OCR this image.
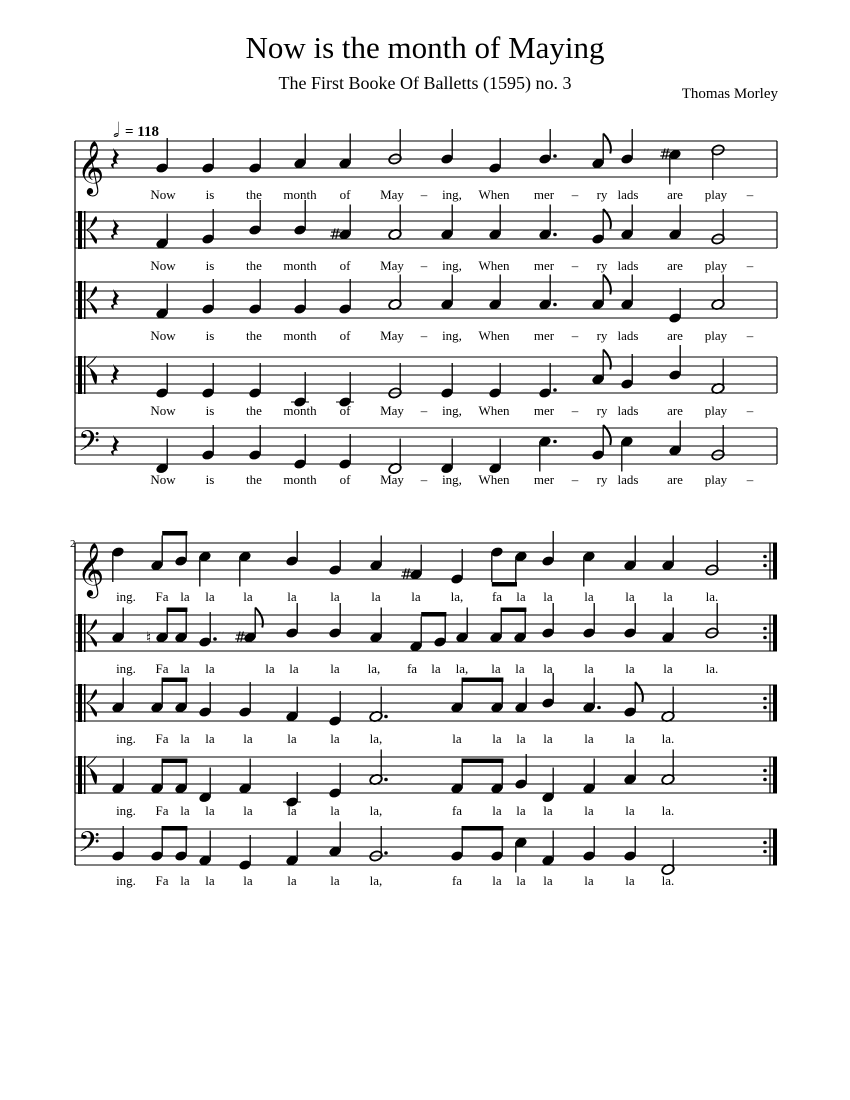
Now is the month of Maying
The First Booke Of Balletts (1595) no. 3
Thomas Morley
𝅗𝅥 = 118
2
𝄞	#
Now is the month of May – ing, When mer – ry lads are play –
#
Now is the month of May – ing, When mer – ry lads are play –
Now is the month of May – ing, When mer – ry lads are play –
Now is the month of May – ing, When mer – ry lads are play –
𝄢
Now is the month of May – ing, When mer – ry lads are play –
𝄞	#
ing. Fa la la la	la	la la la la, fa la la la la la	la.
♮	#
ing. Fa la la	la la la la, fa la la, la la la la la la	la.
ing. Fa la la la	la	la la,	la la la la la la la.
ing. Fa la la la	la	la la,	fa la la la la la la.
𝄢
ing. Fa la la la	la	la la,	fa la la la la la la.
